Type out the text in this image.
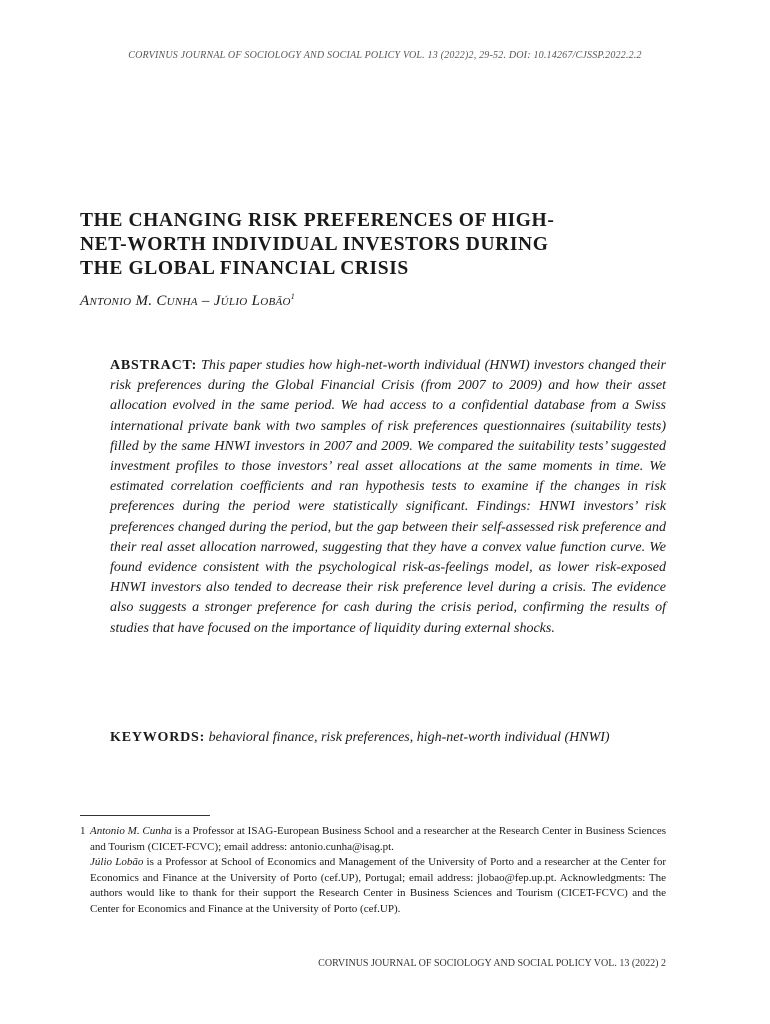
CORVINUS JOURNAL OF SOCIOLOGY AND SOCIAL POLICY VOL. 13 (2022)2, 29-52. DOI: 10.14267/CJSSP.2022.2.2
THE CHANGING RISK PREFERENCES OF HIGH-
NET-WORTH INDIVIDUAL INVESTORS DURING
THE GLOBAL FINANCIAL CRISIS
Antonio M. Cunha – Júlio Lobão$^1$

ABSTRACT: This paper studies how high-net-worth individual (HNWI) investors changed their risk preferences during the Global Financial Crisis (from 2007 to 2009) and how their asset allocation evolved in the same period. We had access to a confidential database from a Swiss international private bank with two samples of risk preferences questionnaires (suitability tests) filled by the same HNWI investors in 2007 and 2009. We compared the suitability tests’ suggested investment profiles to those investors’ real asset allocations at the same moments in time. We estimated correlation coefficients and ran hypothesis tests to examine if the changes in risk preferences during the period were statistically significant. Findings: HNWI investors’ risk preferences changed during the period, but the gap between their self-assessed risk preference and their real asset allocation narrowed, suggesting that they have a convex value function curve. We found evidence consistent with the psychological risk-as-feelings model, as lower risk-exposed HNWI investors also tended to decrease their risk preference level during a crisis. The evidence also suggests a stronger preference for cash during the crisis period, confirming the results of studies that have focused on the importance of liquidity during external shocks.

KEYWORDS: behavioral finance, risk preferences, high-net-worth individual (HNWI)

1 Antonio M. Cunha is a Professor at ISAG-European Business School and a researcher at the Research Center in Business Sciences and Tourism (CICET-FCVC); email address: antonio.cunha@isag.pt.

Júlio Lobão is a Professor at School of Economics and Management of the University of Porto and a researcher at the Center for Economics and Finance at the University of Porto (cef.UP), Portugal; email address: jlobao@fep.up.pt. Acknowledgments: The authors would like to thank for their support the Research Center in Business Sciences and Tourism (CICET-FCVC) and the Center for Economics and Finance at the University of Porto (cef.UP).

CORVINUS JOURNAL OF SOCIOLOGY AND SOCIAL POLICY VOL. 13 (2022) 2
